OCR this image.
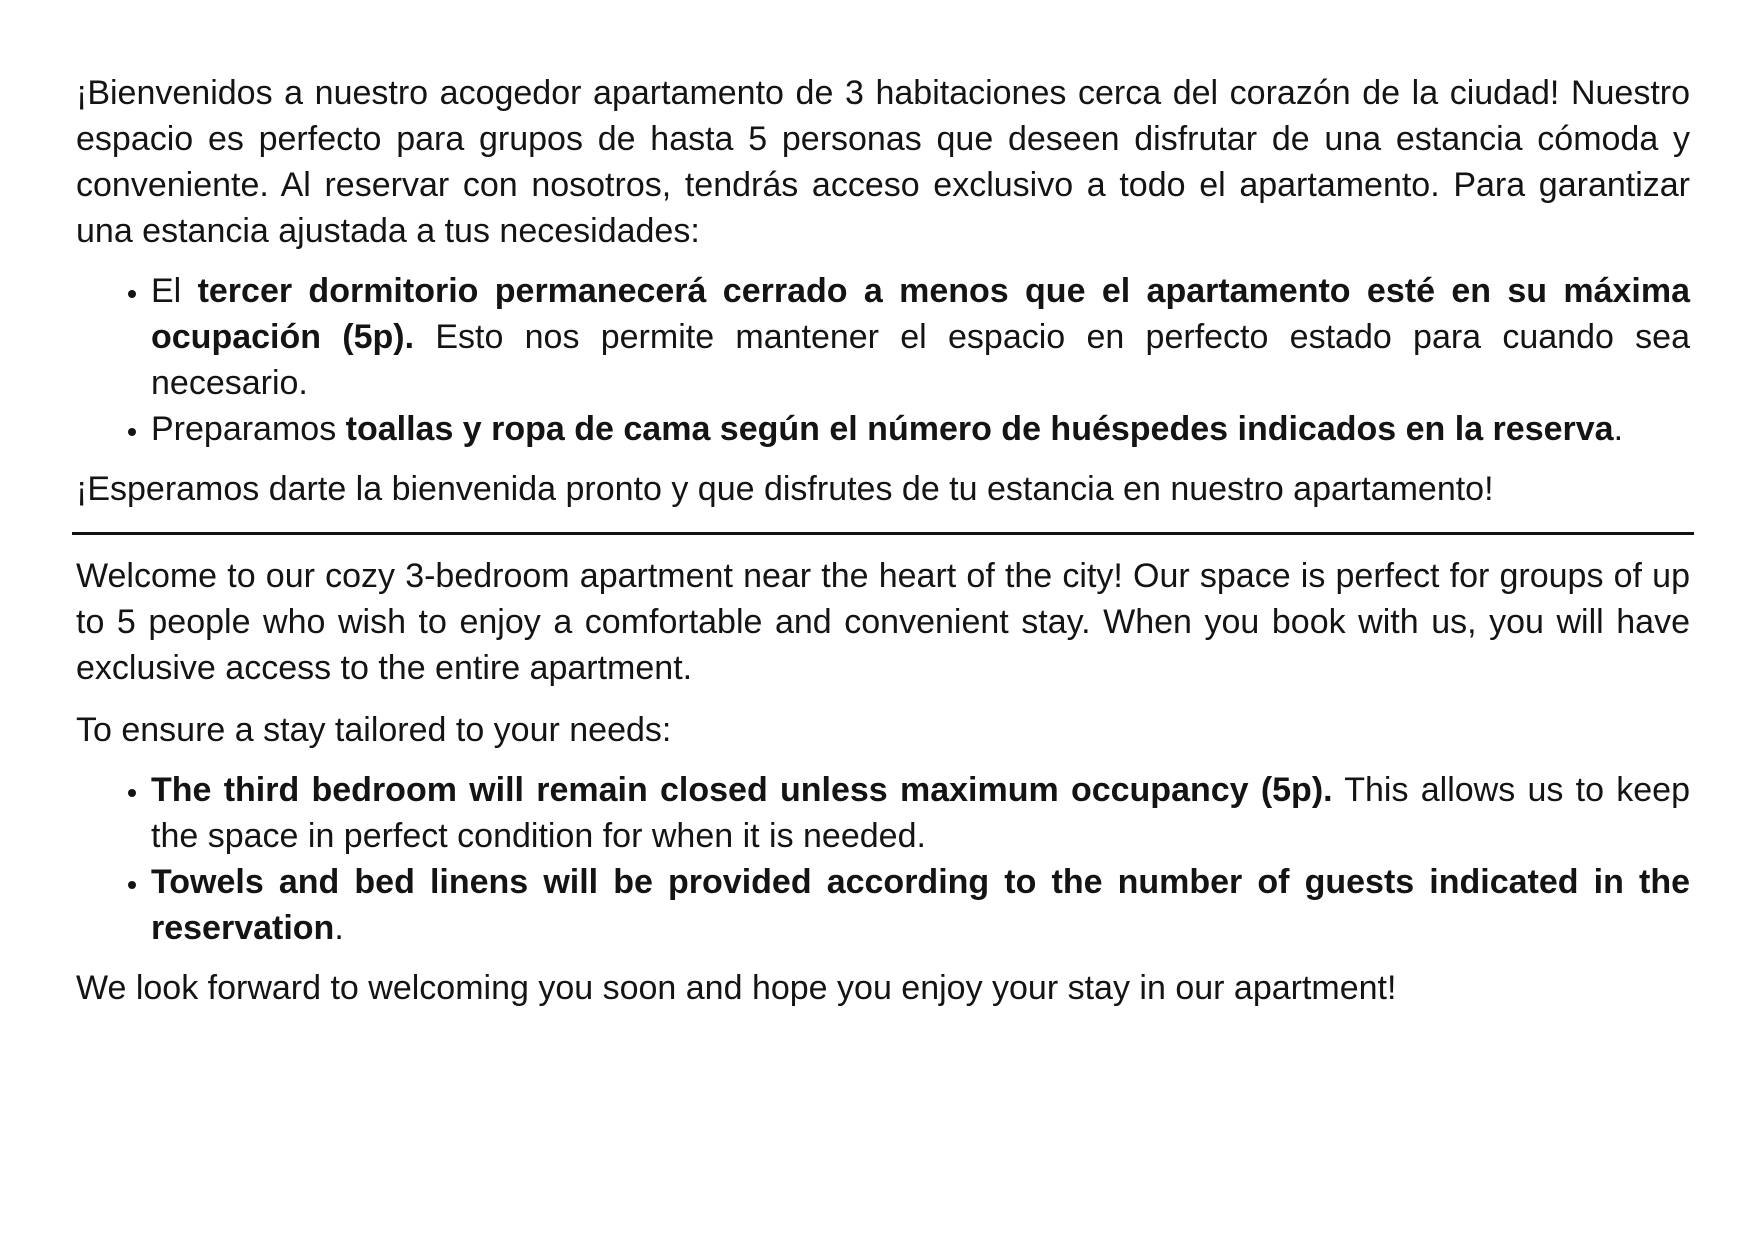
¡Bienvenidos a nuestro acogedor apartamento de 3 habitaciones cerca del corazón de la ciudad! Nuestro espacio es perfecto para grupos de hasta 5 personas que deseen disfrutar de una estancia cómoda y conveniente. Al reservar con nosotros, tendrás acceso exclusivo a todo el apartamento. Para garantizar una estancia ajustada a tus necesidades:

• El tercer dormitorio permanecerá cerrado a menos que el apartamento esté en su máxima ocupación (5p). Esto nos permite mantener el espacio en perfecto estado para cuando sea necesario.
• Preparamos toallas y ropa de cama según el número de huéspedes indicados en la reserva.

¡Esperamos darte la bienvenida pronto y que disfrutes de tu estancia en nuestro apartamento!

Welcome to our cozy 3-bedroom apartment near the heart of the city! Our space is perfect for groups of up to 5 people who wish to enjoy a comfortable and convenient stay. When you book with us, you will have exclusive access to the entire apartment.

To ensure a stay tailored to your needs:

• The third bedroom will remain closed unless maximum occupancy (5p). This allows us to keep the space in perfect condition for when it is needed.
• Towels and bed linens will be provided according to the number of guests indicated in the reservation.

We look forward to welcoming you soon and hope you enjoy your stay in our apartment!
